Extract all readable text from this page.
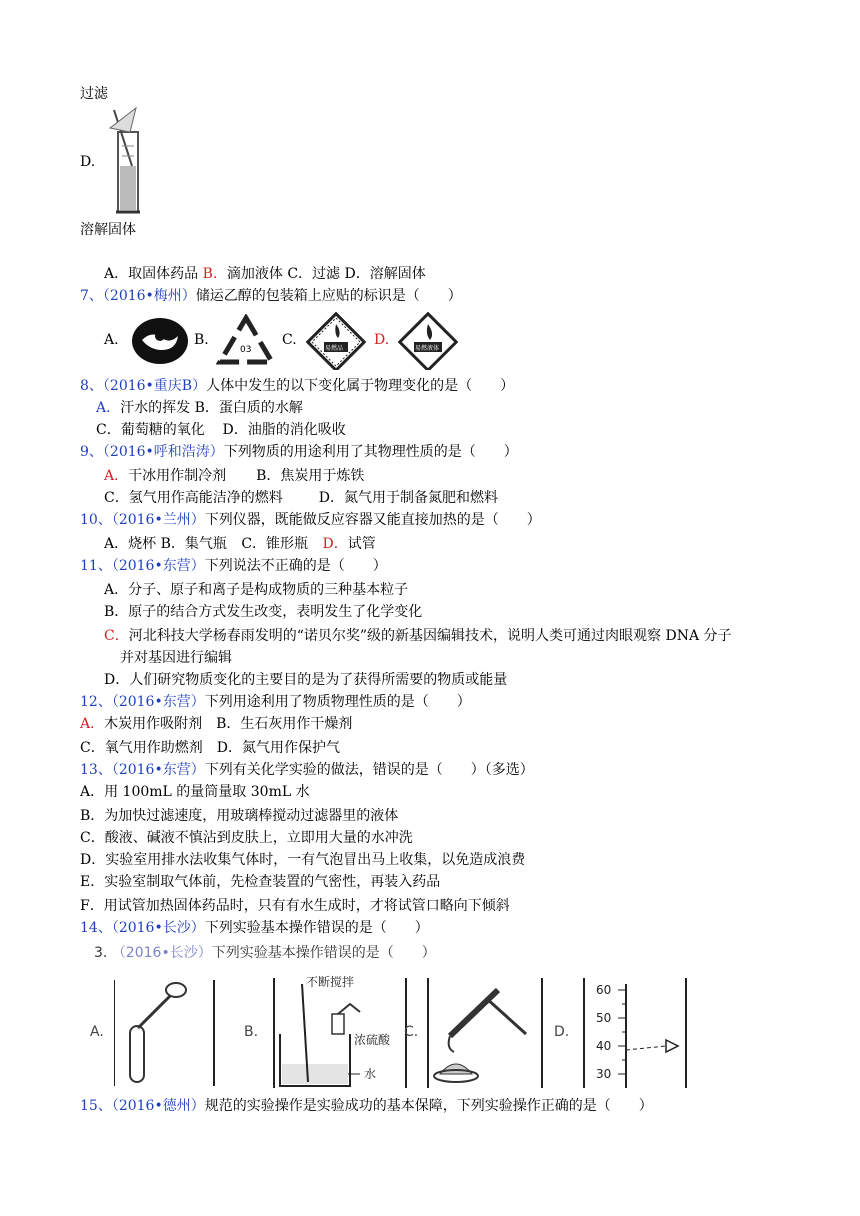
过滤
D.
溶解固体
A．取固体药品 B．滴加液体 C．过滤 D．溶解固体
7、（2016•梅州）储运乙醇的包装箱上应贴的标识是（　　）
A.	B.
03
C.
易燃品
D.
易燃液体
8、（2016•重庆B）人体中发生的以下变化属于物理变化的是（　　）
A．汗水的挥发 B．蛋白质的水解
C．葡萄糖的氧化 D．油脂的消化吸收
9、（2016•呼和浩涛）下列物质的用途利用了其物理性质的是（　　）
A．干冰用作制冷剂 B．焦炭用于炼铁
C．氢气用作高能洁净的燃料	D．氮气用于制备氮肥和燃料
10、（2016•兰州）下列仪器，既能做反应容器又能直接加热的是（　　）
A．烧杯 B．集气瓶 C．锥形瓶 D．试管
11、（2016•东营）下列说法不正确的是（　　）
A．分子、原子和离子是构成物质的三种基本粒子
B．原子的结合方式发生改变，表明发生了化学变化
C．河北科技大学杨春雨发明的“诺贝尔奖”级的新基因编辑技术，说明人类可通过肉眼观察 DNA 分子
并对基因进行编辑
D．人们研究物质变化的主要目的是为了获得所需要的物质或能量
12、（2016•东营）下列用途利用了物质物理性质的是（　　）
A．木炭用作吸附剂 B．生石灰用作干燥剂
C．氧气用作助燃剂 D．氮气用作保护气
13、（2016•东营）下列有关化学实验的做法，错误的是（　　）（多选）
A．用 100mL 的量筒量取 30mL 水
B．为加快过滤速度，用玻璃棒搅动过滤器里的液体
C．酸液、碱液不慎沾到皮肤上，立即用大量的水冲洗
D．实验室用排水法收集气体时，一有气泡冒出马上收集，以免造成浪费
E．实验室制取气体前，先检查装置的气密性，再装入药品
F．用试管加热固体药品时，只有有水生成时，才将试管口略向下倾斜
14、（2016•长沙）下列实验基本操作错误的是（　　）
3. （2016•长沙）下列实验基本操作错误的是（　　）
A.	B.
不断搅拌
浓硫酸
水
C.	D.
60
50
40
30
15、（2016•德州）规范的实验操作是实验成功的基本保障，下列实验操作正确的是（　　）
